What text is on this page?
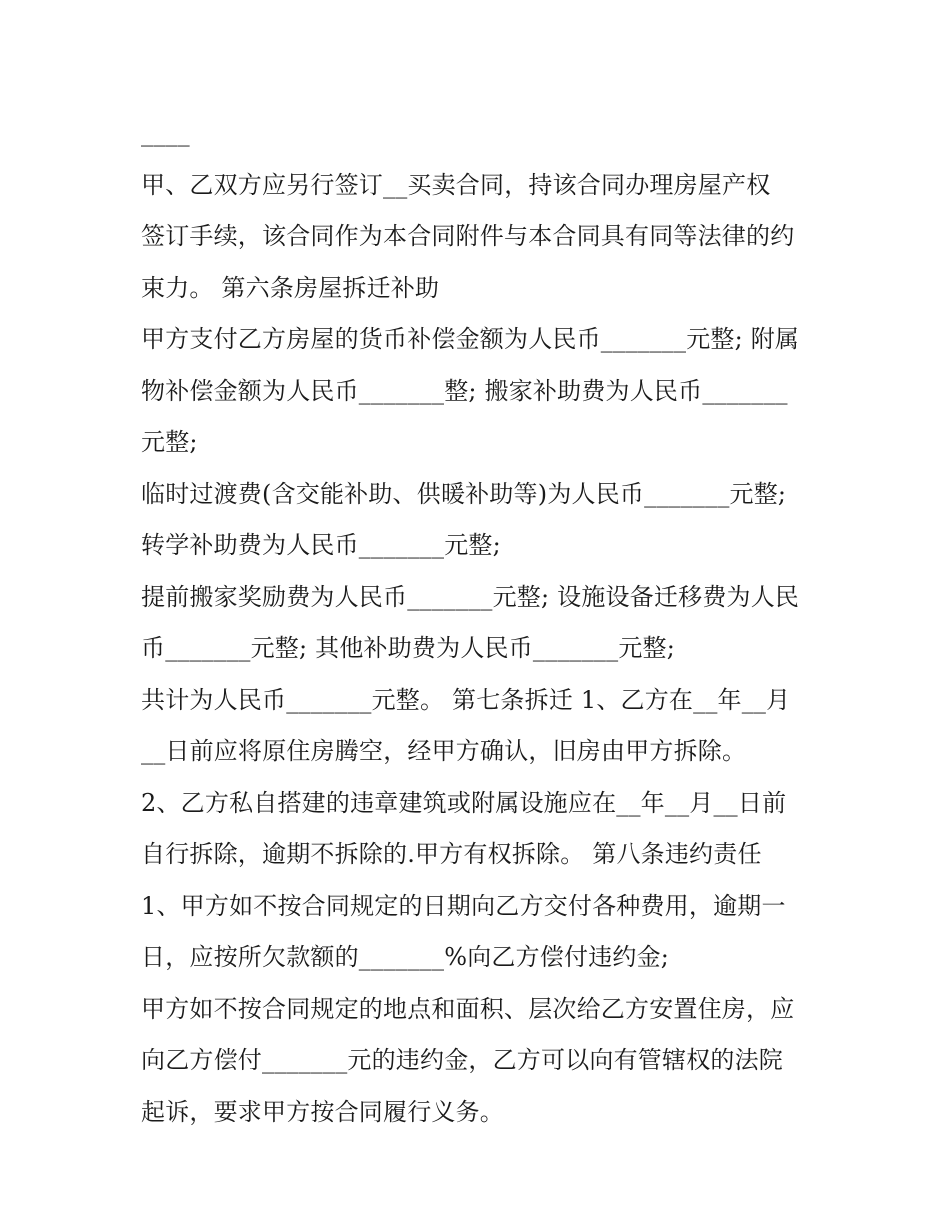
____
甲、乙双方应另行签订__买卖合同，持该合同办理房屋产权
签订手续，该合同作为本合同附件与本合同具有同等法律的约
束力。 第六条房屋拆迁补助
甲方支付乙方房屋的货币补偿金额为人民币_______元整; 附属
物补偿金额为人民币_______整; 搬家补助费为人民币_______
元整;
临时过渡费(含交能补助、供暖补助等)为人民币_______元整;
转学补助费为人民币_______元整;
提前搬家奖励费为人民币_______元整; 设施设备迁移费为人民
币_______元整; 其他补助费为人民币_______元整;
共计为人民币_______元整。 第七条拆迁 1、乙方在__年__月
__日前应将原住房腾空，经甲方确认，旧房由甲方拆除。
2、乙方私自搭建的违章建筑或附属设施应在__年__月__日前
自行拆除，逾期不拆除的.甲方有权拆除。 第八条违约责任
1、甲方如不按合同规定的日期向乙方交付各种费用，逾期一
日，应按所欠款额的_______%向乙方偿付违约金;
甲方如不按合同规定的地点和面积、层次给乙方安置住房，应
向乙方偿付_______元的违约金，乙方可以向有管辖权的法院
起诉，要求甲方按合同履行义务。
